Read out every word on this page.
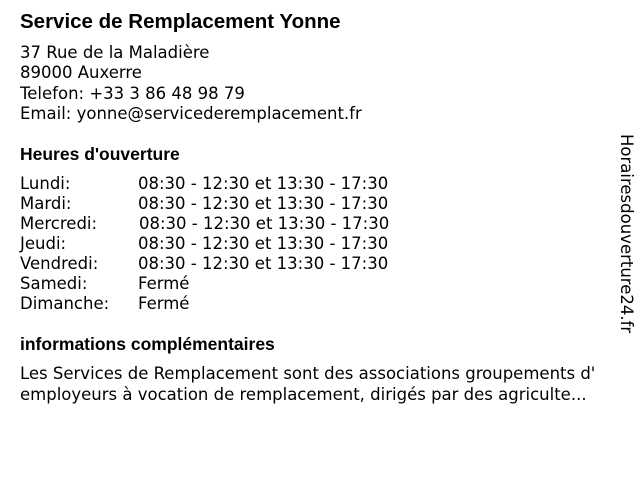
Service de Remplacement Yonne
37 Rue de la Maladière
89000 Auxerre
Telefon: +33 3 86 48 98 79
Email: yonne@servicederemplacement.fr
Heures d'ouverture
Lundi:	08:30 - 12:30 et 13:30 - 17:30
Mardi:	08:30 - 12:30 et 13:30 - 17:30
Mercredi:	08:30 - 12:30 et 13:30 - 17:30
Jeudi:	08:30 - 12:30 et 13:30 - 17:30
Vendredi: 08:30 - 12:30 et 13:30 - 17:30
Samedi:	Fermé
Dimanche: Fermé
informations complémentaires
Les Services de Remplacement sont des associations groupements d' employeurs à vocation de remplacement, dirigés par des agriculte...
Horairesdouverture24.fr
